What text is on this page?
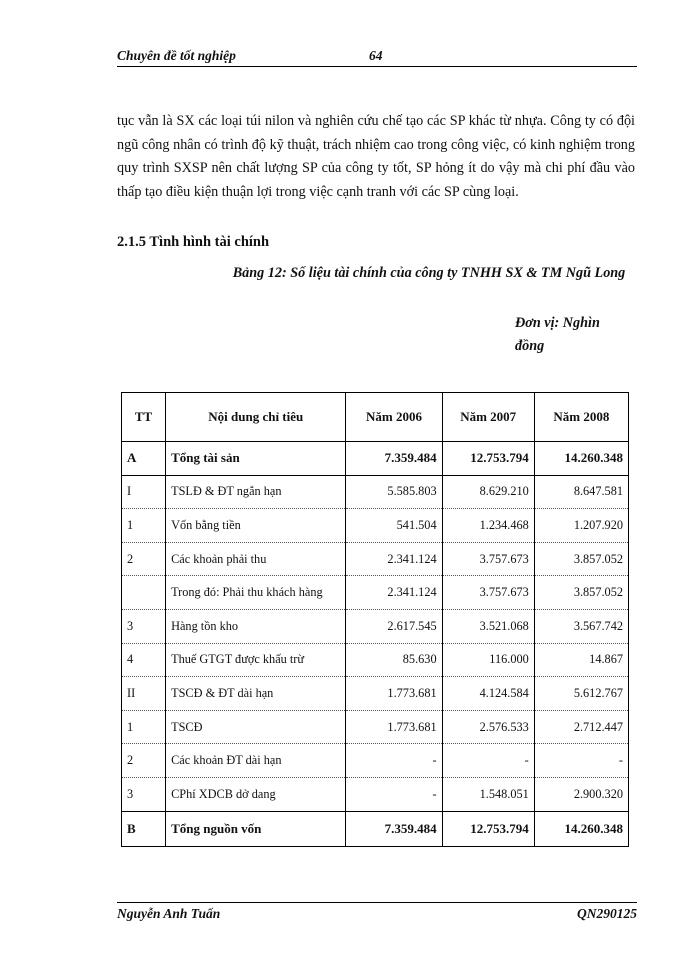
Chuyên đề tốt nghiệp	64

tục vẫn là SX các loại túi nilon và nghiên cứu chế tạo các SP khác từ nhựa. Công ty có đội ngũ công nhân có trình độ kỹ thuật, trách nhiệm cao trong công việc, có kinh nghiệm trong quy trình SXSP nên chất lượng SP của công ty tốt, SP hỏng ít do vậy mà chi phí đầu vào thấp tạo điều kiện thuận lợi trong việc cạnh tranh với các SP cùng loại.

2.1.5 Tình hình tài chính
Bảng 12: Số liệu tài chính của công ty TNHH SX & TM Ngũ Long
Đơn vị: Nghìn đồng
TT	Nội dung chỉ tiêu	Năm 2006	Năm 2007	Năm 2008
A	Tổng tài sản	7.359.484	12.753.794	14.260.348
I	TSLĐ & ĐT ngắn hạn	5.585.803	8.629.210	8.647.581
1	Vốn bằng tiền	541.504	1.234.468	1.207.920
2	Các khoản phải thu	2.341.124	3.757.673	3.857.052
	Trong đó: Phải thu khách hàng	2.341.124	3.757.673	3.857.052
3	Hàng tồn kho	2.617.545	3.521.068	3.567.742
4	Thuế GTGT được khấu trừ	85.630	116.000	14.867
II	TSCĐ & ĐT dài hạn	1.773.681	4.124.584	5.612.767
1	TSCĐ	1.773.681	2.576.533	2.712.447
2	Các khoản ĐT dài hạn	-	-	-
3	CPhí XDCB dở dang	-	1.548.051	2.900.320
B	Tổng nguồn vốn	7.359.484	12.753.794	14.260.348
Nguyễn Anh Tuấn	QN290125
